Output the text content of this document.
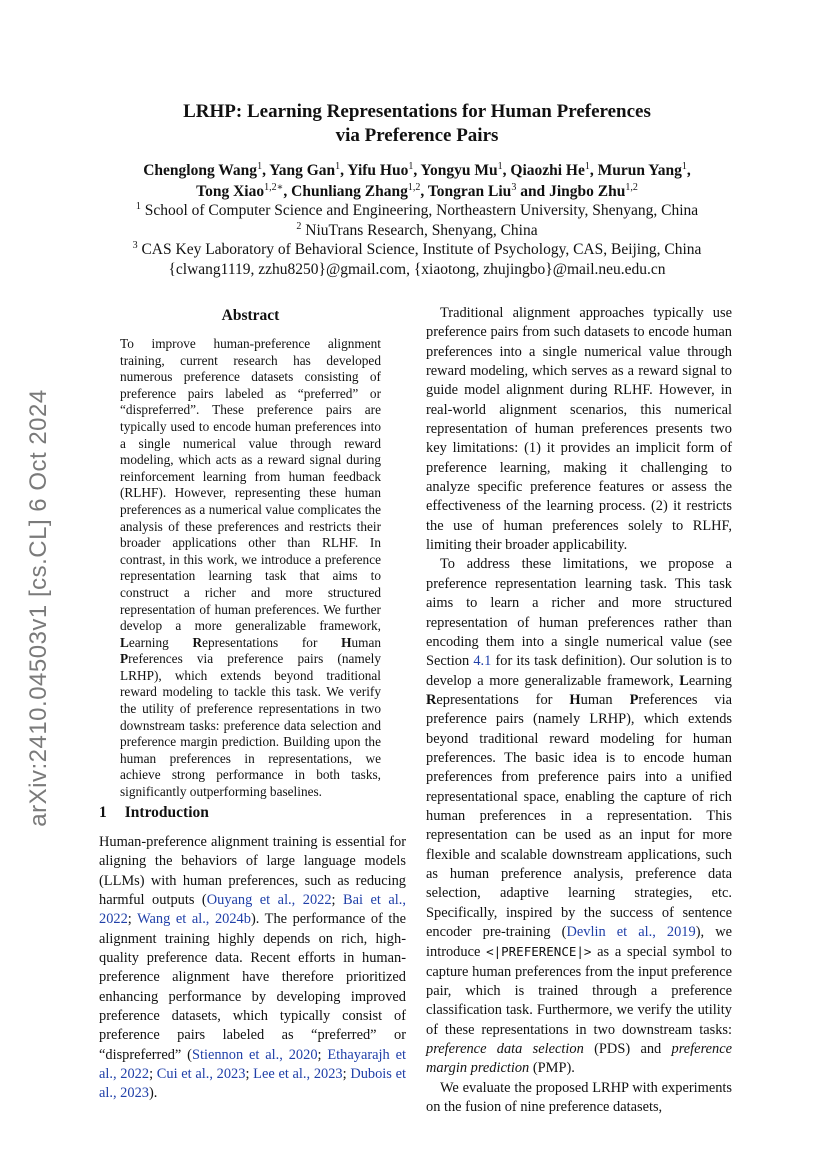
arXiv:2410.04503v1 [cs.CL] 6 Oct 2024
LRHP: Learning Representations for Human Preferences
via Preference Pairs
Chenglong Wang$^1$, Yang Gan$^1$, Yifu Huo$^1$, Yongyu Mu$^1$, Qiaozhi He$^1$, Murun Yang$^1$,
Tong Xiao$^{1,2∗}$, Chunliang Zhang$^{1,2}$, Tongran Liu$^3$ and Jingbo Zhu$^{1,2}$
$^1$ School of Computer Science and Engineering, Northeastern University, Shenyang, China
$^2$ NiuTrans Research, Shenyang, China
$^3$ CAS Key Laboratory of Behavioral Science, Institute of Psychology, CAS, Beijing, China
{clwang1119, zzhu8250}@gmail.com, {xiaotong, zhujingbo}@mail.neu.edu.cn
Abstract

To improve human-preference alignment training, current research has developed numerous preference datasets consisting of preference pairs labeled as “preferred” or “dispreferred”. These preference pairs are typically used to encode human preferences into a single numerical value through reward modeling, which acts as a reward signal during reinforcement learning from human feedback (RLHF). However, representing these human preferences as a numerical value complicates the analysis of these preferences and restricts their broader applications other than RLHF. In contrast, in this work, we introduce a preference representation learning task that aims to construct a richer and more structured representation of human preferences. We further develop a more generalizable framework, Learning Representations for Human Preferences via preference pairs (namely LRHP), which extends beyond traditional reward modeling to tackle this task. We verify the utility of preference representations in two downstream tasks: preference data selection and preference margin prediction. Building upon the human preferences in representations, we achieve strong performance in both tasks, significantly outperforming baselines.

1 Introduction

Human-preference alignment training is essential for aligning the behaviors of large language models (LLMs) with human preferences, such as reducing harmful outputs (Ouyang et al., 2022; Bai et al., 2022; Wang et al., 2024b). The performance of the alignment training highly depends on rich, high-quality preference data. Recent efforts in human-preference alignment have therefore prioritized enhancing performance by developing improved preference datasets, which typically consist of preference pairs labeled as “preferred” or “dispreferred” (Stiennon et al., 2020; Ethayarajh et al., 2022; Cui et al., 2023; Lee et al., 2023; Dubois et al., 2023).

Traditional alignment approaches typically use preference pairs from such datasets to encode human preferences into a single numerical value through reward modeling, which serves as a reward signal to guide model alignment during RLHF. However, in real-world alignment scenarios, this numerical representation of human preferences presents two key limitations: (1) it provides an implicit form of preference learning, making it challenging to analyze specific preference features or assess the effectiveness of the learning process. (2) it restricts the use of human preferences solely to RLHF, limiting their broader applicability.

To address these limitations, we propose a preference representation learning task. This task aims to learn a richer and more structured representation of human preferences rather than encoding them into a single numerical value (see Section 4.1 for its task definition). Our solution is to develop a more generalizable framework, Learning Representations for Human Preferences via preference pairs (namely LRHP), which extends beyond traditional reward modeling for human preferences. The basic idea is to encode human preferences from preference pairs into a unified representational space, enabling the capture of rich human preferences in a representation. This representation can be used as an input for more flexible and scalable downstream applications, such as human preference analysis, preference data selection, adaptive learning strategies, etc. Specifically, inspired by the success of sentence encoder pre-training (Devlin et al., 2019), we introduce <|PREFERENCE|> as a special symbol to capture human preferences from the input preference pair, which is trained through a preference classification task. Furthermore, we verify the utility of these representations in two downstream tasks: preference data selection (PDS) and preference margin prediction (PMP).

We evaluate the proposed LRHP with experiments on the fusion of nine preference datasets,
